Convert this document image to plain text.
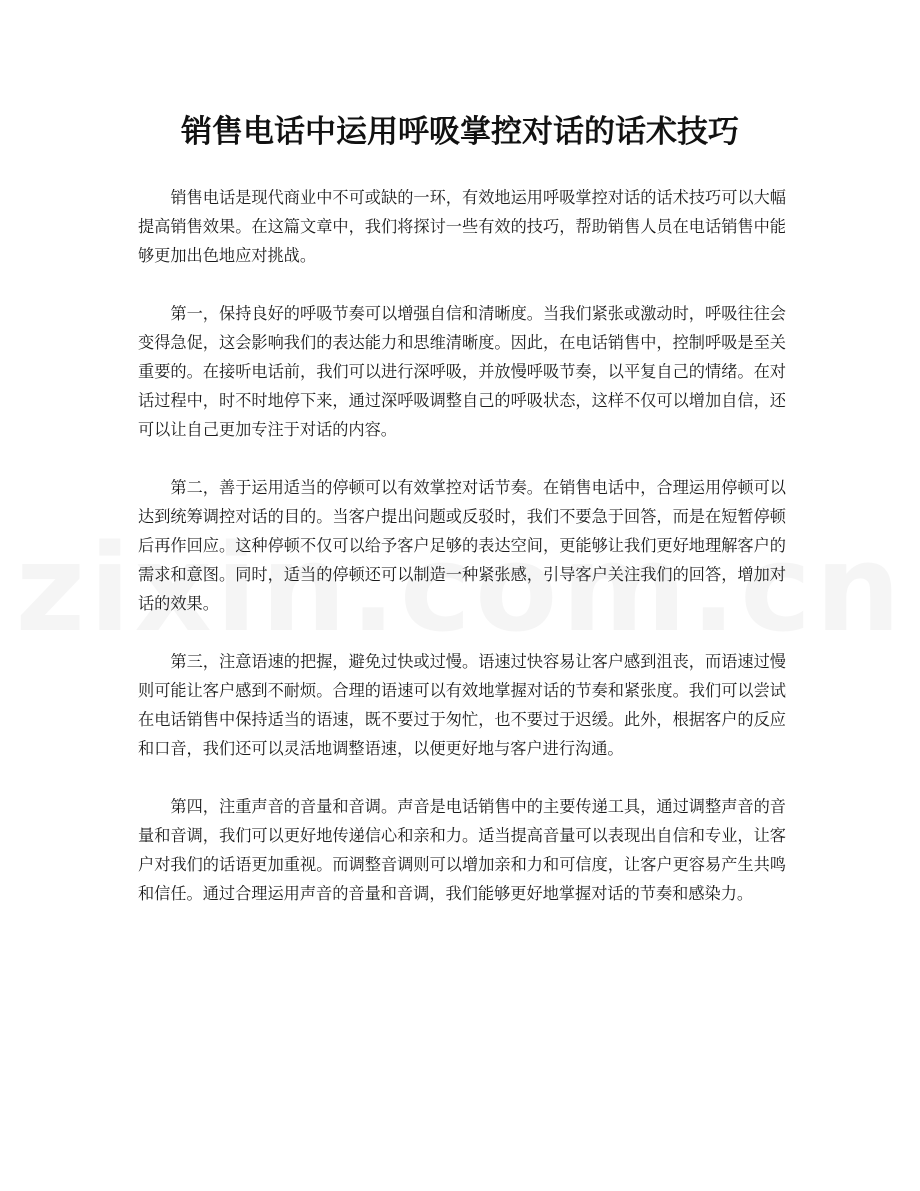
销售电话中运用呼吸掌控对话的话术技巧

销售电话是现代商业中不可或缺的一环，有效地运用呼吸掌控对话的话术技巧可以大幅提高销售效果。在这篇文章中，我们将探讨一些有效的技巧，帮助销售人员在电话销售中能够更加出色地应对挑战。

第一，保持良好的呼吸节奏可以增强自信和清晰度。当我们紧张或激动时，呼吸往往会变得急促，这会影响我们的表达能力和思维清晰度。因此，在电话销售中，控制呼吸是至关重要的。在接听电话前，我们可以进行深呼吸，并放慢呼吸节奏，以平复自己的情绪。在对话过程中，时不时地停下来，通过深呼吸调整自己的呼吸状态，这样不仅可以增加自信，还可以让自己更加专注于对话的内容。

第二，善于运用适当的停顿可以有效掌控对话节奏。在销售电话中，合理运用停顿可以达到统筹调控对话的目的。当客户提出问题或反驳时，我们不要急于回答，而是在短暂停顿后再作回应。这种停顿不仅可以给予客户足够的表达空间，更能够让我们更好地理解客户的需求和意图。同时，适当的停顿还可以制造一种紧张感，引导客户关注我们的回答，增加对话的效果。

第三，注意语速的把握，避免过快或过慢。语速过快容易让客户感到沮丧，而语速过慢则可能让客户感到不耐烦。合理的语速可以有效地掌握对话的节奏和紧张度。我们可以尝试在电话销售中保持适当的语速，既不要过于匆忙，也不要过于迟缓。此外，根据客户的反应和口音，我们还可以灵活地调整语速，以便更好地与客户进行沟通。

第四，注重声音的音量和音调。声音是电话销售中的主要传递工具，通过调整声音的音量和音调，我们可以更好地传递信心和亲和力。适当提高音量可以表现出自信和专业，让客户对我们的话语更加重视。而调整音调则可以增加亲和力和可信度，让客户更容易产生共鸣和信任。通过合理运用声音的音量和音调，我们能够更好地掌握对话的节奏和感染力。
